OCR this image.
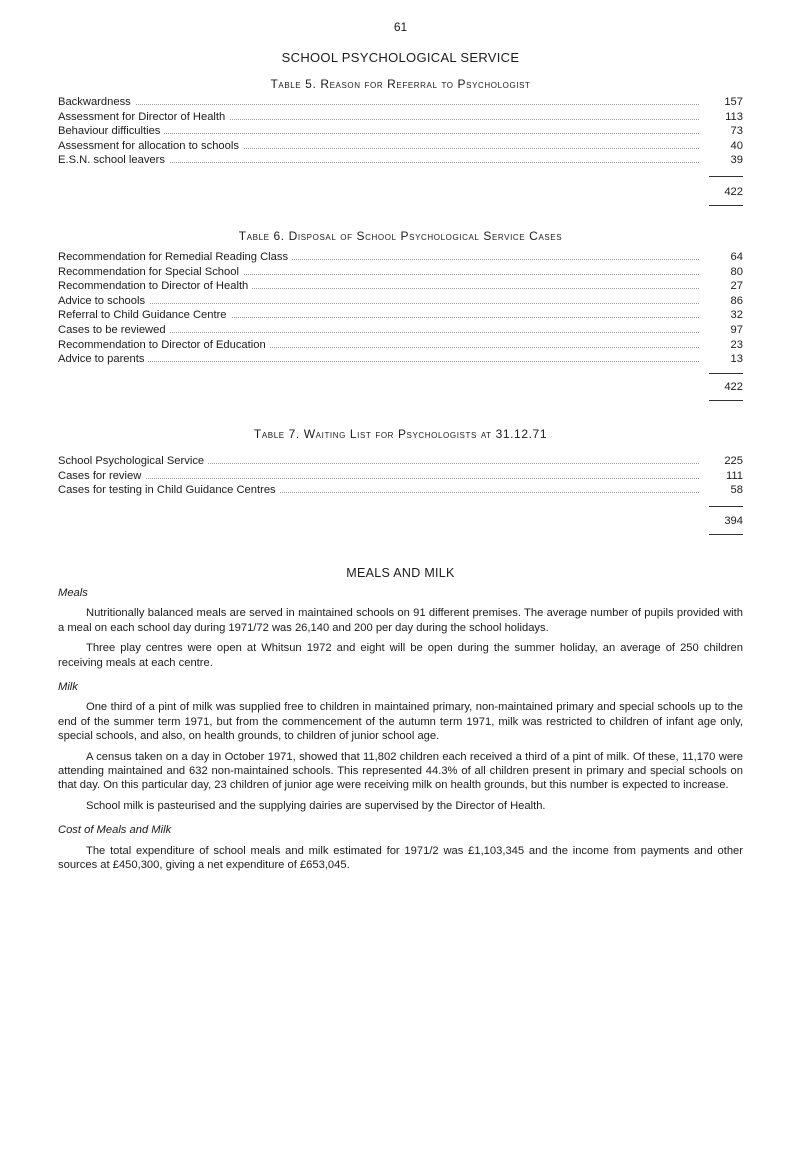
61
SCHOOL PSYCHOLOGICAL SERVICE
Table 5. Reason for Referral to Psychologist
Backwardness	157
Assessment for Director of Health	113
Behaviour difficulties	73
Assessment for allocation to schools	40
E.S.N. school leavers	39
422
Table 6. Disposal of School Psychological Service Cases
Recommendation for Remedial Reading Class	64
Recommendation for Special School	80
Recommendation to Director of Health	27
Advice to schools	86
Referral to Child Guidance Centre	32
Cases to be reviewed	97
Recommendation to Director of Education	23
Advice to parents	13
422
Table 7. Waiting List for Psychologists at 31.12.71
School Psychological Service	225
Cases for review	111
Cases for testing in Child Guidance Centres	58
394
MEALS AND MILK

Meals

Nutritionally balanced meals are served in maintained schools on 91 different premises. The average number of pupils provided with a meal on each school day during 1971/72 was 26,140 and 200 per day during the school holidays.

Three play centres were open at Whitsun 1972 and eight will be open during the summer holiday, an average of 250 children receiving meals at each centre.

Milk

One third of a pint of milk was supplied free to children in maintained primary, non-maintained primary and special schools up to the end of the summer term 1971, but from the commencement of the autumn term 1971, milk was restricted to children of infant age only, special schools, and also, on health grounds, to children of junior school age.

A census taken on a day in October 1971, showed that 11,802 children each received a third of a pint of milk. Of these, 11,170 were attending maintained and 632 non-maintained schools. This represented 44.3% of all children present in primary and special schools on that day. On this particular day, 23 children of junior age were receiving milk on health grounds, but this number is expected to increase.

School milk is pasteurised and the supplying dairies are supervised by the Director of Health.

Cost of Meals and Milk

The total expenditure of school meals and milk estimated for 1971/2 was £1,103,345 and the income from payments and other sources at £450,300, giving a net expenditure of £653,045.
